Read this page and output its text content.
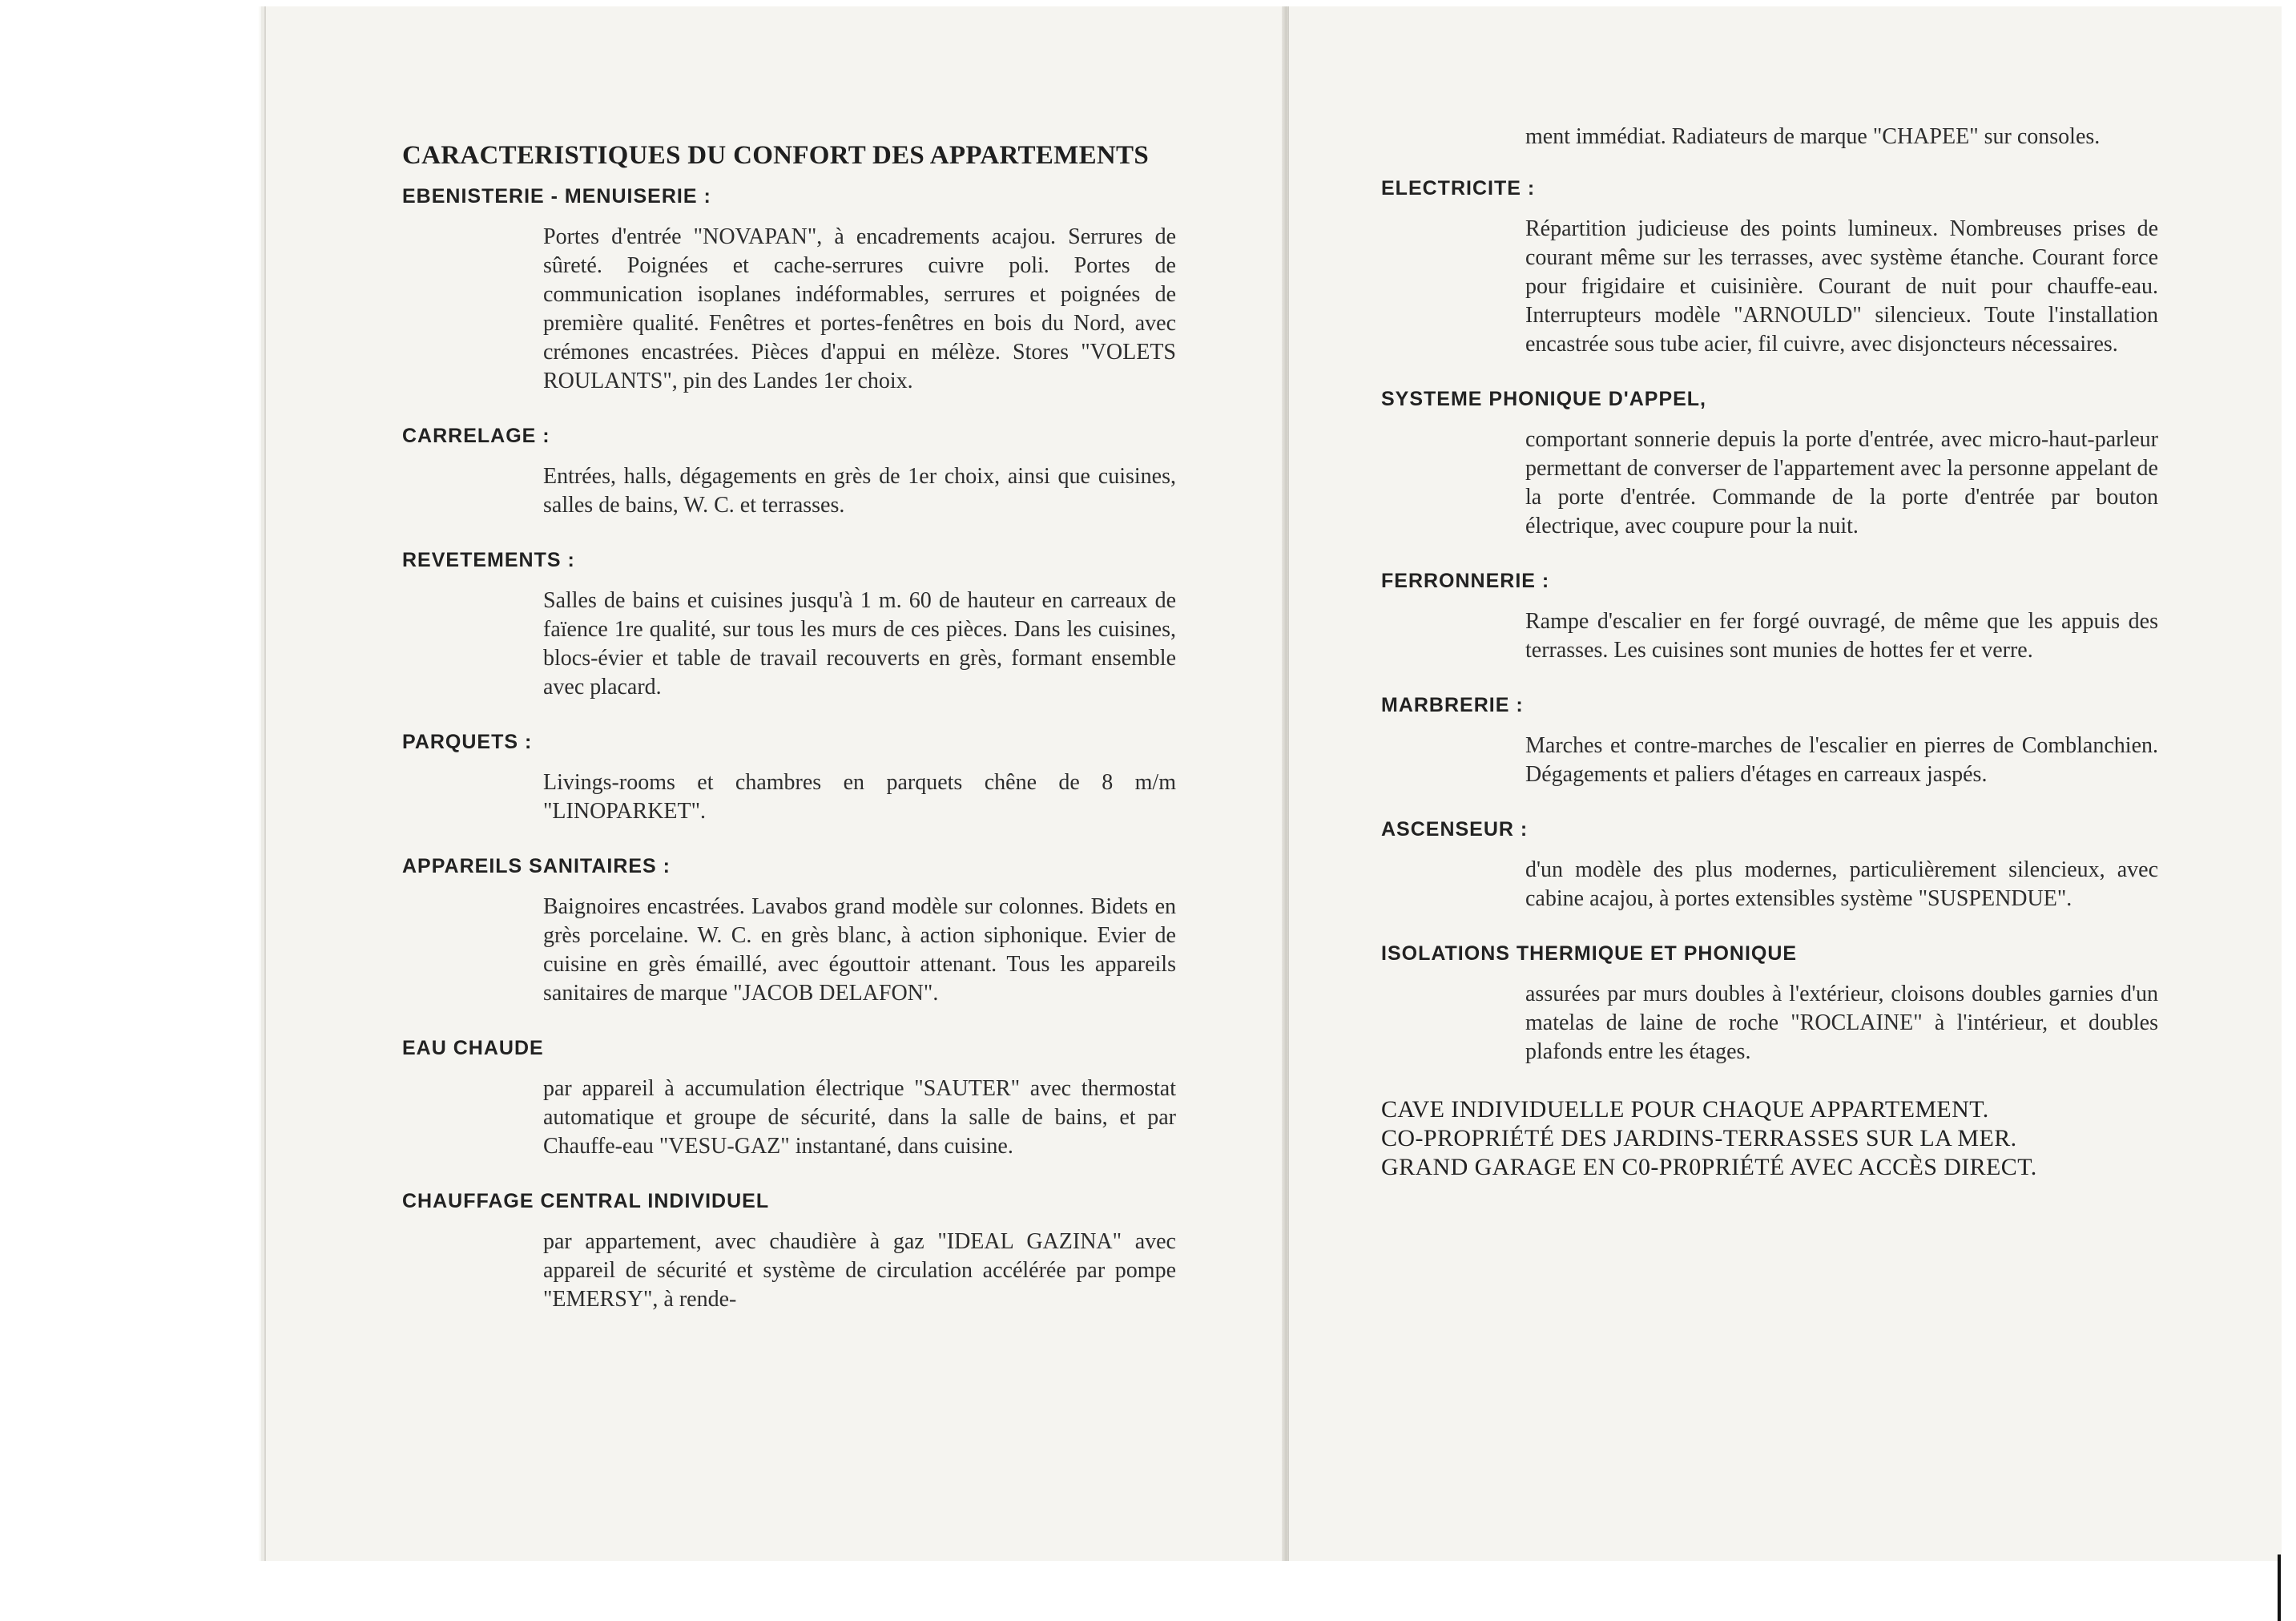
CARACTERISTIQUES DU CONFORT DES APPARTEMENTS
EBENISTERIE - MENUISERIE :
Portes d'entrée "NOVAPAN", à encadrements acajou. Serrures de sûreté. Poignées et cache-serrures cuivre poli. Portes de communication isoplanes indéformables, serrures et poignées de première qualité. Fenêtres et portes-fenêtres en bois du Nord, avec crémones encastrées. Pièces d'appui en mélèze. Stores "VOLETS ROULANTS", pin des Landes 1er choix.
CARRELAGE :
Entrées, halls, dégagements en grès de 1er choix, ainsi que cuisines, salles de bains, W. C. et terrasses.
REVETEMENTS :
Salles de bains et cuisines jusqu'à 1 m. 60 de hauteur en carreaux de faïence 1re qualité, sur tous les murs de ces pièces. Dans les cuisines, blocs-évier et table de travail recouverts en grès, formant ensemble avec placard.
PARQUETS :
Livings-rooms et chambres en parquets chêne de 8 m/m "LINOPARKET".
APPAREILS SANITAIRES :
Baignoires encastrées. Lavabos grand modèle sur colonnes. Bidets en grès porcelaine. W. C. en grès blanc, à action siphonique. Evier de cuisine en grès émaillé, avec égouttoir attenant. Tous les appareils sanitaires de marque "JACOB DELAFON".
EAU CHAUDE
par appareil à accumulation électrique "SAUTER" avec thermostat automatique et groupe de sécurité, dans la salle de bains, et par Chauffe-eau "VESU-GAZ" instantané, dans cuisine.
CHAUFFAGE CENTRAL INDIVIDUEL
par appartement, avec chaudière à gaz "IDEAL GAZINA" avec appareil de sécurité et système de circulation accélérée par pompe "EMERSY", à rende-
ment immédiat. Radiateurs de marque "CHAPEE" sur consoles.
ELECTRICITE :
Répartition judicieuse des points lumineux. Nombreuses prises de courant même sur les terrasses, avec système étanche. Courant force pour frigidaire et cuisinière. Courant de nuit pour chauffe-eau. Interrupteurs modèle "ARNOULD" silencieux. Toute l'installation encastrée sous tube acier, fil cuivre, avec disjoncteurs nécessaires.
SYSTEME PHONIQUE D'APPEL,
comportant sonnerie depuis la porte d'entrée, avec micro-haut-parleur permettant de converser de l'appartement avec la personne appelant de la porte d'entrée. Commande de la porte d'entrée par bouton électrique, avec coupure pour la nuit.
FERRONNERIE :
Rampe d'escalier en fer forgé ouvragé, de même que les appuis des terrasses. Les cuisines sont munies de hottes fer et verre.
MARBRERIE :
Marches et contre-marches de l'escalier en pierres de Comblanchien. Dégagements et paliers d'étages en carreaux jaspés.
ASCENSEUR :
d'un modèle des plus modernes, particulièrement silencieux, avec cabine acajou, à portes extensibles système "SUSPENDUE".
ISOLATIONS THERMIQUE ET PHONIQUE
assurées par murs doubles à l'extérieur, cloisons doubles garnies d'un matelas de laine de roche "ROCLAINE" à l'intérieur, et doubles plafonds entre les étages.
CAVE INDIVIDUELLE POUR CHAQUE APPARTEMENT.
CO-PROPRIÉTÉ DES JARDINS-TERRASSES SUR LA MER.
GRAND GARAGE EN C0-PR0PRIÉTÉ AVEC ACCÈS DIRECT.
